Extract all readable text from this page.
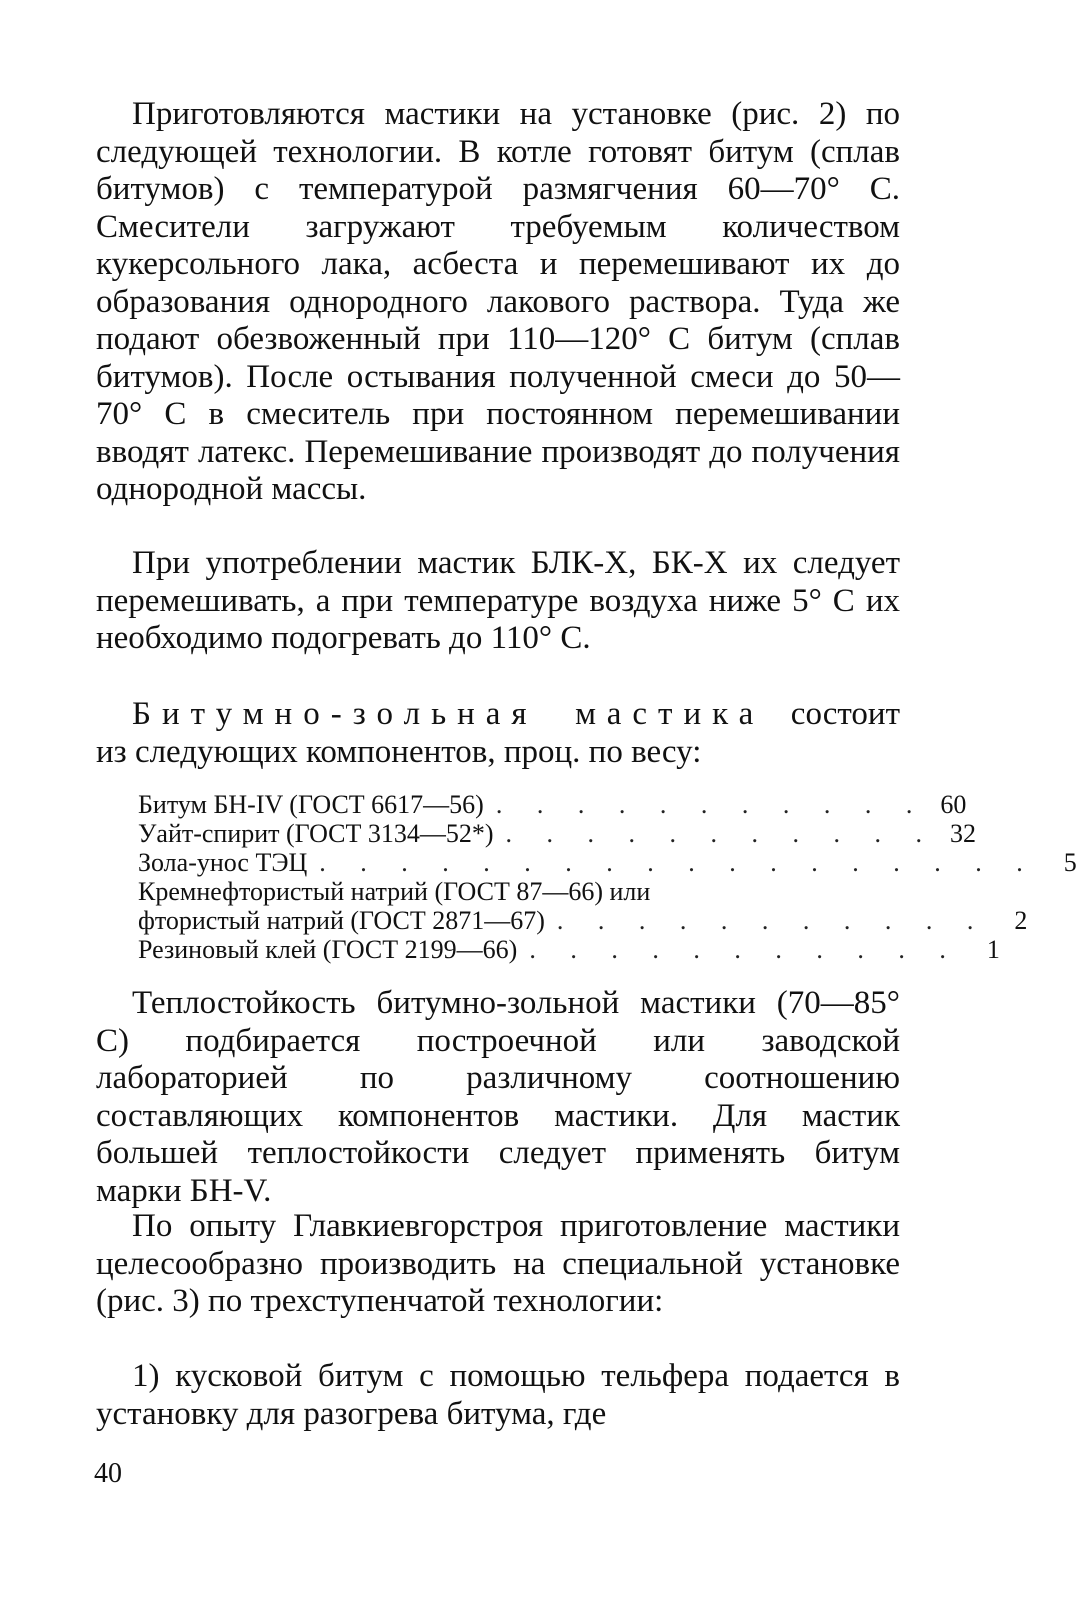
Приготовляются мастики на установке (рис. 2) по следующей технологии. В котле готовят битум (сплав битумов) с температурой размягчения 60—70° С. Смесители загружают требуемым количеством кукерсольного лака, асбеста и перемешивают их до образования однородного лакового раствора. Туда же подают обезвоженный при 110—120° С битум (сплав битумов). После остывания полученной смеси до 50—70° С в смеситель при постоянном перемешивании вводят латекс. Перемешивание производят до получения однородной массы.

При употреблении мастик БЛК-Х, БК-Х их следует перемешивать, а при температуре воздуха ниже 5° С их необходимо подогревать до 110° С.

Битумно-зольная мастика состоит из следующих компонентов, проц. по весу:

Битум БН-IV (ГОСТ 6617—56) . . . . . . . . . . . 60
Уайт-спирит (ГОСТ 3134—52*) . . . . . . . . . . . 32
Зола-унос ТЭЦ . . . . . . . . . . . . . . . . . .	5
Кремнефтористый натрий (ГОСТ 87—66) или
фтористый натрий (ГОСТ 2871—67) . . . . . . . . . . .	2
Резиновый клей (ГОСТ 2199—66) . . . . . . . . . . .	1

Теплостойкость битумно-зольной мастики (70—85° С) подбирается построечной или заводской лабораторией по различному соотношению составляющих компонентов мастики. Для мастик большей теплостойкости следует применять битум марки БН-V.

По опыту Главкиевгорстроя приготовление мастики целесообразно производить на специальной установке (рис. 3) по трехступенчатой технологии:

1) кусковой битум с помощью тельфера подается в установку для разогрева битума, где

40
